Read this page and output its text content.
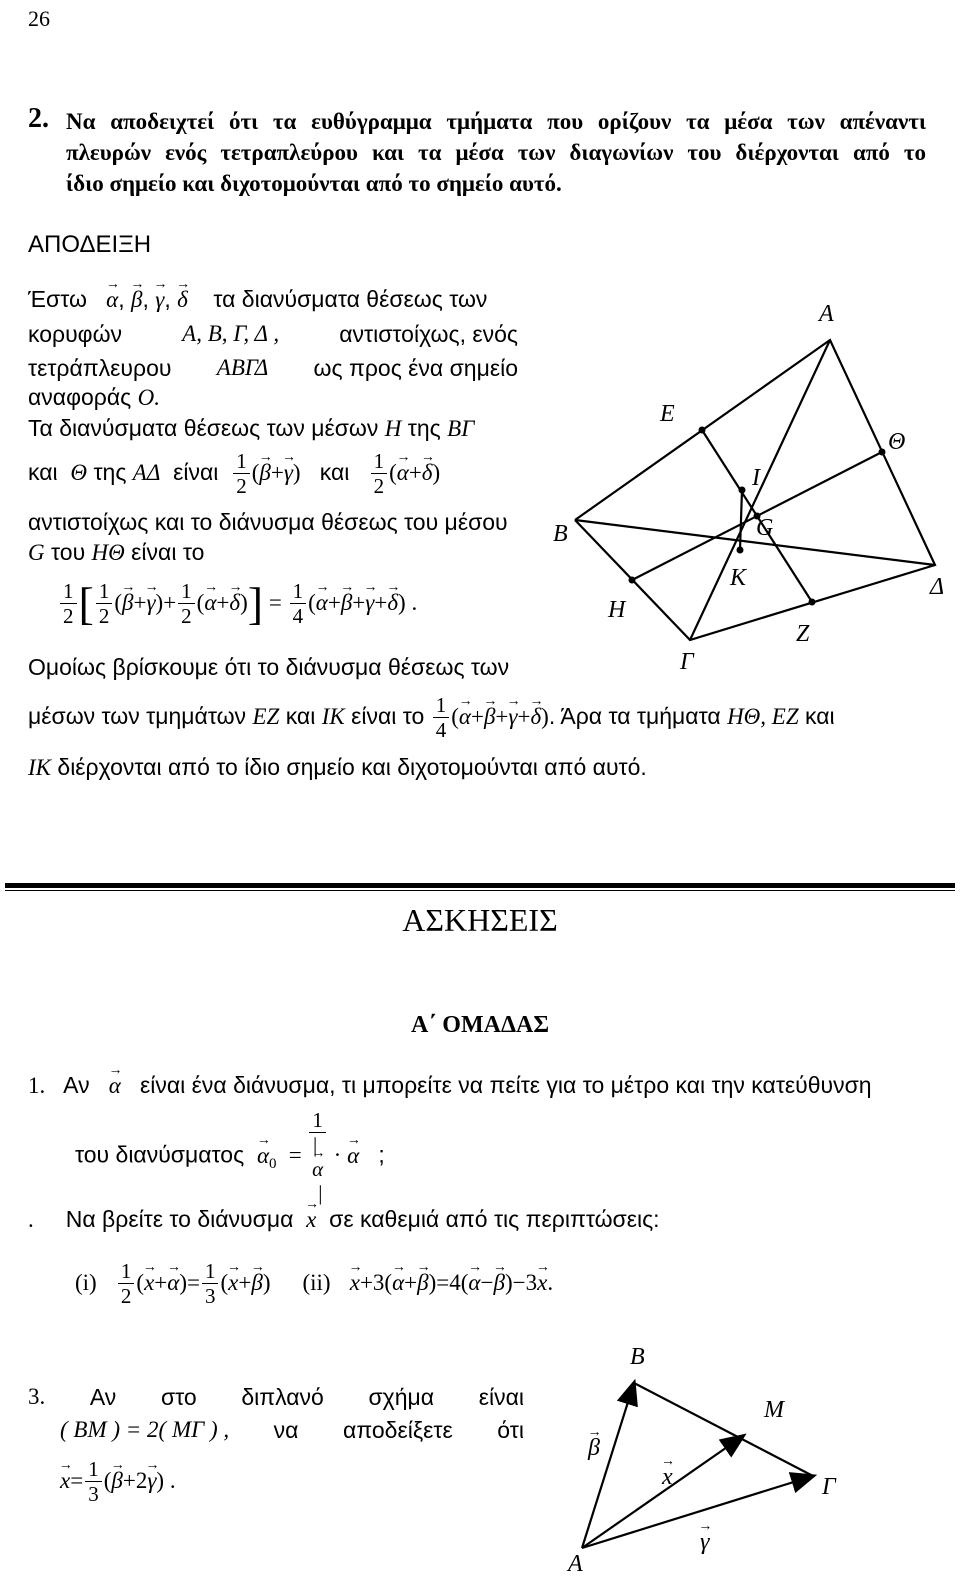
26
2. Να αποδειχτεί ότι τα ευθύγραμμα τμήματα που ορίζουν τα μέσα των απέναντι
πλευρών ενός τετραπλεύρου και τα μέσα των διαγωνίων του διέρχονται από το
ίδιο σημείο και διχοτομούνται από το σημείο αυτό.
ΑΠΟΔΕΙΞΗ
Έστω → α, → β, → γ, → δ τα διανύσματα θέσεως των
κορυφών	Α, Β, Γ, Δ ,	αντιστοίχως, ενός
τετράπλευρου ΑΒΓΔ ως προς ένα σημείο
αναφοράς Ο.
Τα διανύσματα θέσεως των μέσων Η της ΒΓ
και Θ της ΑΔ είναι $\frac{1}{2}$ (→ β+→ γ) και $\frac{1}{2}$ (→ α+→ δ)
αντιστοίχως και το διάνυσμα θέσεως του μέσου
G του ΗΘ είναι το
$\frac{1}{2}$ [ $\frac{1}{2}$ (→ $\beta+\to \gamma)+ \frac{1}{2}$ (→ $\alpha+\to \delta)] = \frac{1}{4}$ (→ α+→ β+→ γ+→ δ) .
Ομοίως βρίσκουμε ότι το διάνυσμα θέσεως των
μέσων των τμημάτων ΕΖ και ΙΚ είναι το $\frac{1}{4}$ (→ α+→ β+→ γ+→ δ). Άρα τα τμήματα ΗΘ, ΕΖ και
ΙΚ διέρχονται από το ίδιο σημείο και διχοτομούνται από αυτό.
Α
Θ
Ε
Ι
G
Β
Κ	Δ
Η
Ζ
Γ
ΑΣΚΗΣΕΙΣ
Α΄ ΟΜΑΔΑΣ
1. Αν → α είναι ένα διάνυσμα, τι μπορείτε να πείτε για το μέτρο και την κατεύθυνση
του $\delta\iota\alpha\nu ύ\sigma\mu\alpha\tau o\varsigma \to \alpha_0 = 1$
|
→ α
| · → α ;
. Να βρείτε το διάνυσμα → x σε καθεμιά από τις περιπτώσεις:
$(i) \frac{1}{2}$ (→ $x+\to \alpha)= \frac{1}{3}$ (→ x+→ β) (ii) → x+3(→ α+→ β)=4(→ α−→ β)−3→ x.
3. Αν στο διπλανό σχήμα είναι
( ΒΜ ) = 2( ΜΓ ) , να αποδείξετε ότι
→ $x= \frac{1}{3}$ (→ β+2→ γ) .
Β
Μ
Γ
Α
→ β
→ x
→ γ
